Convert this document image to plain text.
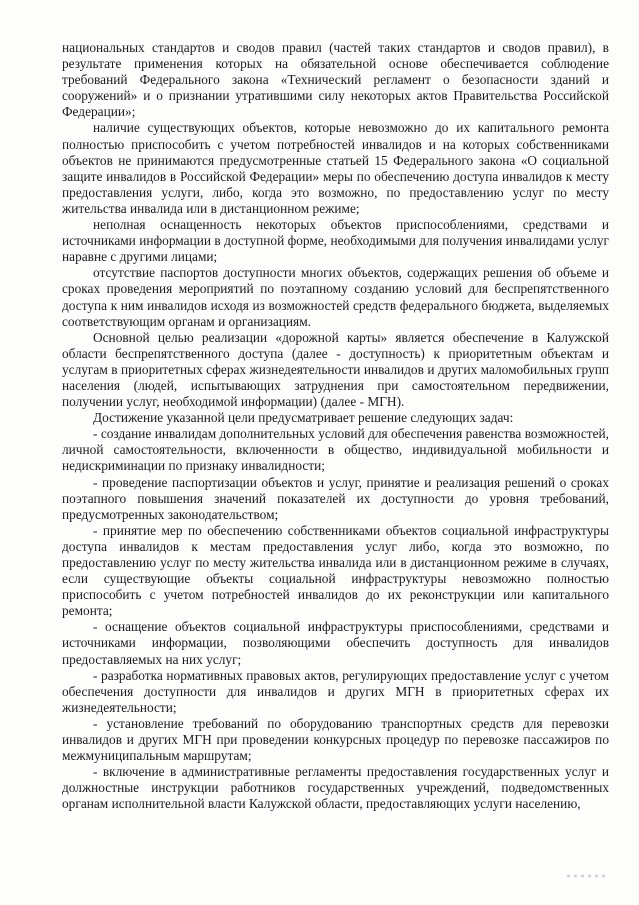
национальных стандартов и сводов правил (частей таких стандартов и сводов правил), в результате применения которых на обязательной основе обеспечивается соблюдение требований Федерального закона «Технический регламент о безопасности зданий и сооружений» и о признании утратившими силу некоторых актов Правительства Российской Федерации»;

наличие существующих объектов, которые невозможно до их капитального ремонта полностью приспособить с учетом потребностей инвалидов и на которых собственниками объектов не принимаются предусмотренные статьей 15 Федерального закона «О социальной защите инвалидов в Российской Федерации» меры по обеспечению доступа инвалидов к месту предоставления услуги, либо, когда это возможно, по предоставлению услуг по месту жительства инвалида или в дистанционном режиме;

неполная оснащенность некоторых объектов приспособлениями, средствами и источниками информации в доступной форме, необходимыми для получения инвалидами услуг наравне с другими лицами;

отсутствие паспортов доступности многих объектов, содержащих решения об объеме и сроках проведения мероприятий по поэтапному созданию условий для беспрепятственного доступа к ним инвалидов исходя из возможностей средств федерального бюджета, выделяемых соответствующим органам и организациям.

Основной целью реализации «дорожной карты» является обеспечение в Калужской области беспрепятственного доступа (далее - доступность) к приоритетным объектам и услугам в приоритетных сферах жизнедеятельности инвалидов и других маломобильных групп населения (людей, испытывающих затруднения при самостоятельном передвижении, получении услуг, необходимой информации) (далее - МГН).

Достижение указанной цели предусматривает решение следующих задач:

- создание инвалидам дополнительных условий для обеспечения равенства возможностей, личной самостоятельности, включенности в общество, индивидуальной мобильности и недискриминации по признаку инвалидности;

- проведение паспортизации объектов и услуг, принятие и реализация решений о сроках поэтапного повышения значений показателей их доступности до уровня требований, предусмотренных законодательством;

- принятие мер по обеспечению собственниками объектов социальной инфраструктуры доступа инвалидов к местам предоставления услуг либо, когда это возможно, по предоставлению услуг по месту жительства инвалида или в дистанционном режиме в случаях, если существующие объекты социальной инфраструктуры невозможно полностью приспособить с учетом потребностей инвалидов до их реконструкции или капитального ремонта;

- оснащение объектов социальной инфраструктуры приспособлениями, средствами и источниками информации, позволяющими обеспечить доступность для инвалидов предоставляемых на них услуг;

- разработка нормативных правовых актов, регулирующих предоставление услуг с учетом обеспечения доступности для инвалидов и других МГН в приоритетных сферах их жизнедеятельности;

- установление требований по оборудованию транспортных средств для перевозки инвалидов и других МГН при проведении конкурсных процедур по перевозке пассажиров по межмуниципальным маршрутам;

- включение в административные регламенты предоставления государственных услуг и должностные инструкции работников государственных учреждений, подведомственных органам исполнительной власти Калужской области, предоставляющих услуги населению,
